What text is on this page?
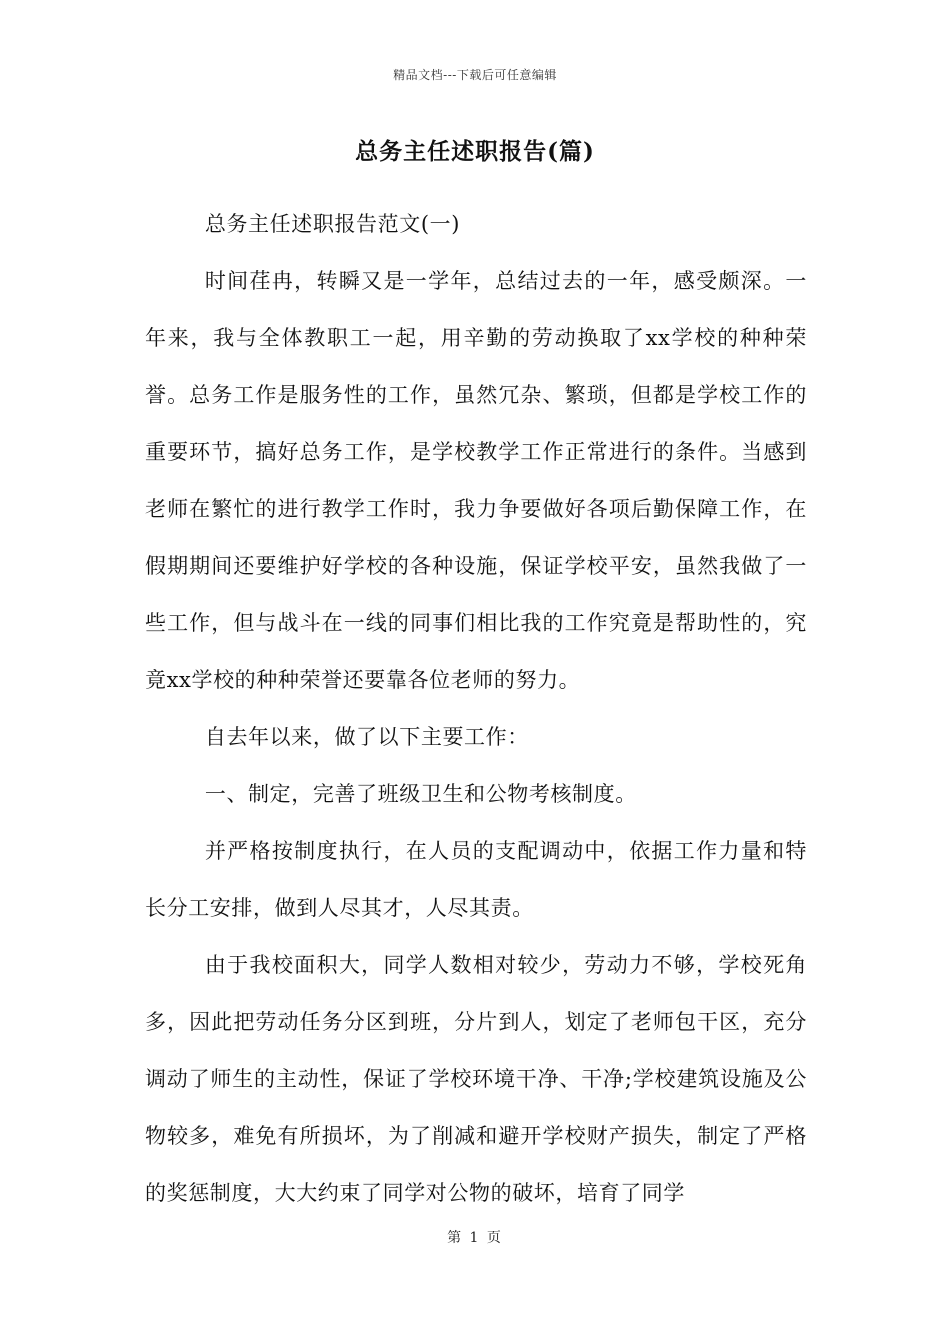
精品文档---下载后可任意编辑
总务主任述职报告(篇)

总务主任述职报告范文(一)

时间荏冉，转瞬又是一学年，总结过去的一年，感受颇深。一年来，我与全体教职工一起，用辛勤的劳动换取了xx学校的种种荣誉。总务工作是服务性的工作，虽然冗杂、繁琐，但都是学校工作的重要环节，搞好总务工作，是学校教学工作正常进行的条件。当感到老师在繁忙的进行教学工作时，我力争要做好各项后勤保障工作，在假期期间还要维护好学校的各种设施，保证学校平安，虽然我做了一些工作，但与战斗在一线的同事们相比我的工作究竟是帮助性的，究竟xx学校的种种荣誉还要靠各位老师的努力。

自去年以来，做了以下主要工作：

一、制定，完善了班级卫生和公物考核制度。

并严格按制度执行，在人员的支配调动中，依据工作力量和特长分工安排，做到人尽其才，人尽其责。

由于我校面积大，同学人数相对较少，劳动力不够，学校死角多，因此把劳动任务分区到班，分片到人，划定了老师包干区，充分调动了师生的主动性，保证了学校环境干净、干净;学校建筑设施及公物较多，难免有所损坏，为了削减和避开学校财产损失，制定了严格的奖惩制度，大大约束了同学对公物的破坏，培育了同学

第 1 页
